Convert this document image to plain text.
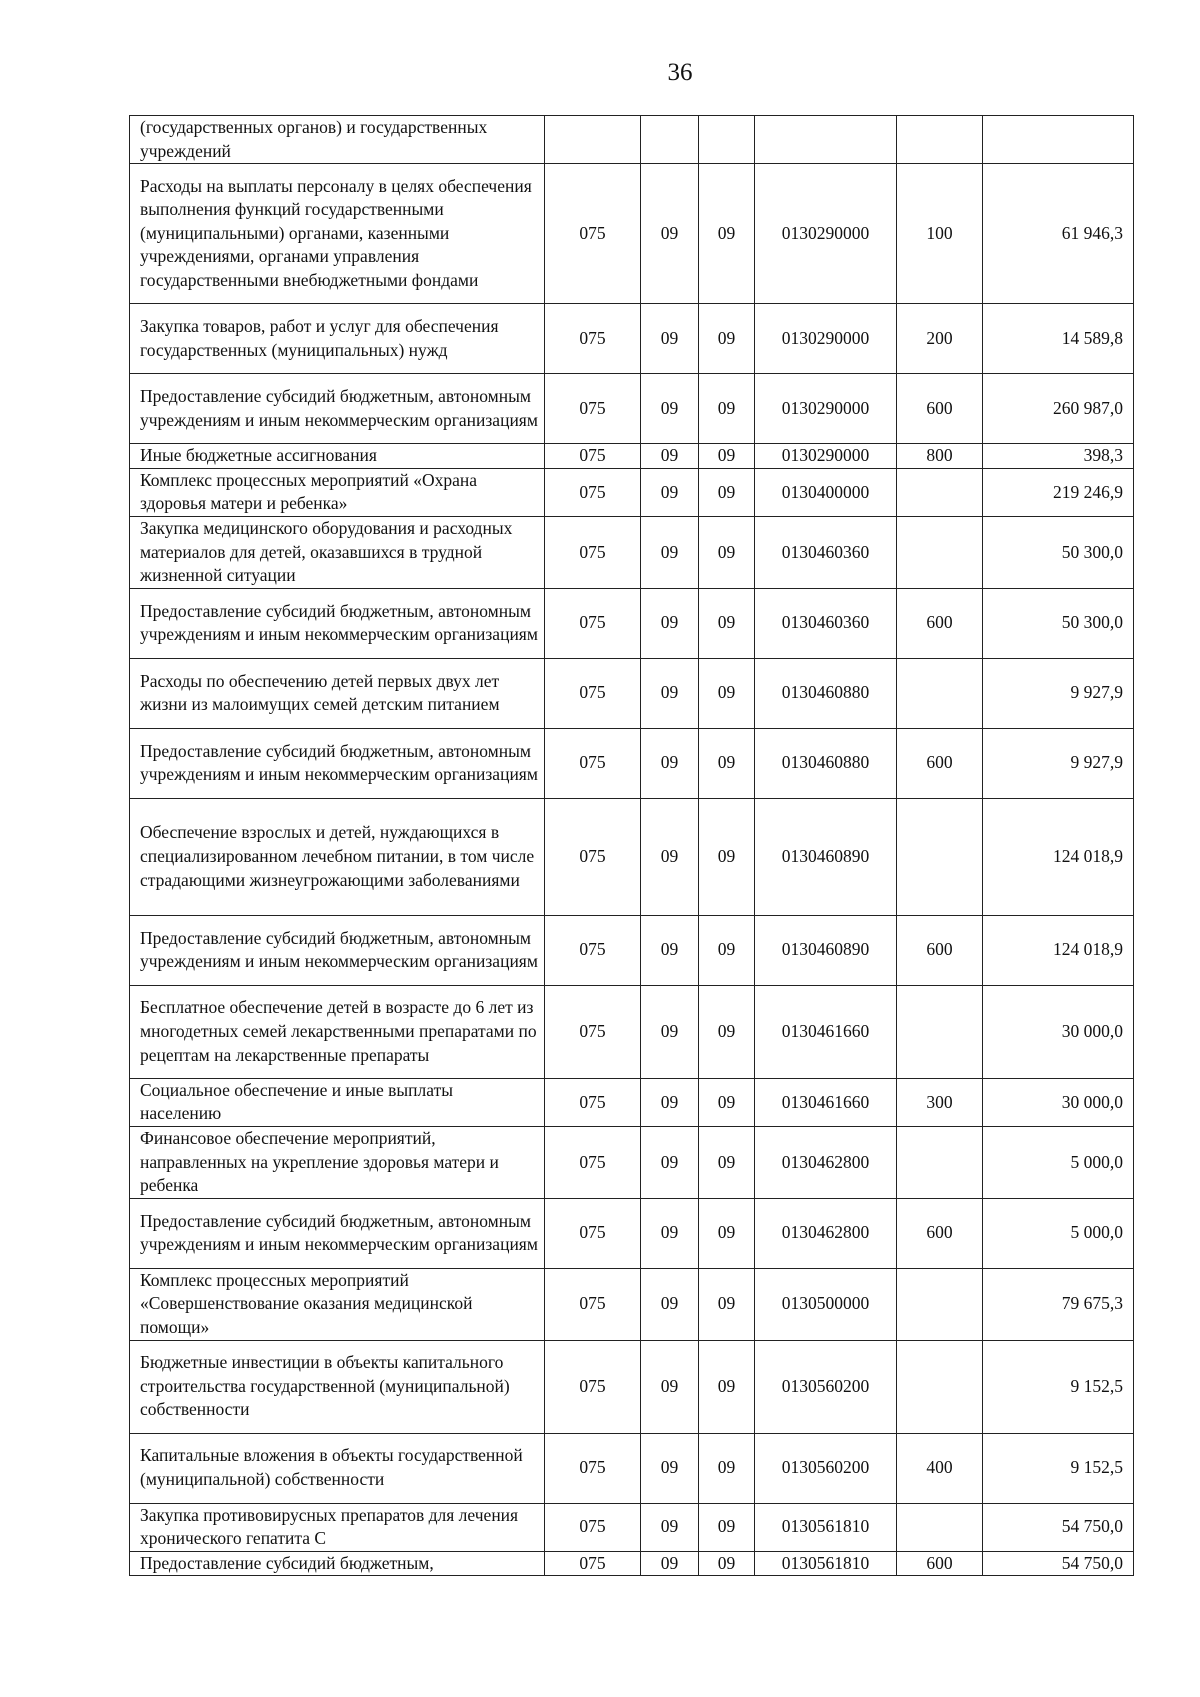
36
(государственных органов) и государственных учреждений						
Расходы на выплаты персоналу в целях обеспечения выполнения функций государственными (муниципальными) органами, казенными учреждениями, органами управления государственными внебюджетными фондами	075	09	09	0130290000	100	61 946,3
Закупка товаров, работ и услуг для обеспечения государственных (муниципальных) нужд	075	09	09	0130290000	200	14 589,8
Предоставление субсидий бюджетным, автономным учреждениям и иным некоммерческим организациям	075	09	09	0130290000	600	260 987,0
Иные бюджетные ассигнования	075	09	09	0130290000	800	398,3
Комплекс процессных мероприятий «Охрана здоровья матери и ребенка»	075	09	09	0130400000		219 246,9
Закупка медицинского оборудования и расходных материалов для детей, оказавшихся в трудной жизненной ситуации	075	09	09	0130460360		50 300,0
Предоставление субсидий бюджетным, автономным учреждениям и иным некоммерческим организациям	075	09	09	0130460360	600	50 300,0
Расходы по обеспечению детей первых двух лет жизни из малоимущих семей детским питанием	075	09	09	0130460880		9 927,9
Предоставление субсидий бюджетным, автономным учреждениям и иным некоммерческим организациям	075	09	09	0130460880	600	9 927,9
Обеспечение взрослых и детей, нуждающихся в специализированном лечебном питании, в том числе страдающими жизнеугрожающими заболеваниями	075	09	09	0130460890		124 018,9
Предоставление субсидий бюджетным, автономным учреждениям и иным некоммерческим организациям	075	09	09	0130460890	600	124 018,9
Бесплатное обеспечение детей в возрасте до 6 лет из многодетных семей лекарственными препаратами по рецептам на лекарственные препараты	075	09	09	0130461660		30 000,0
Социальное обеспечение и иные выплаты населению	075	09	09	0130461660	300	30 000,0
Финансовое обеспечение мероприятий, направленных на укрепление здоровья матери и ребенка	075	09	09	0130462800		5 000,0
Предоставление субсидий бюджетным, автономным учреждениям и иным некоммерческим организациям	075	09	09	0130462800	600	5 000,0
Комплекс процессных мероприятий «Совершенствование оказания медицинской помощи»	075	09	09	0130500000		79 675,3
Бюджетные инвестиции в объекты капитального строительства государственной (муниципальной) собственности	075	09	09	0130560200		9 152,5
Капитальные вложения в объекты государственной (муниципальной) собственности	075	09	09	0130560200	400	9 152,5
Закупка противовирусных препаратов для лечения хронического гепатита С	075	09	09	0130561810		54 750,0
Предоставление субсидий бюджетным,	075	09	09	0130561810	600	54 750,0
